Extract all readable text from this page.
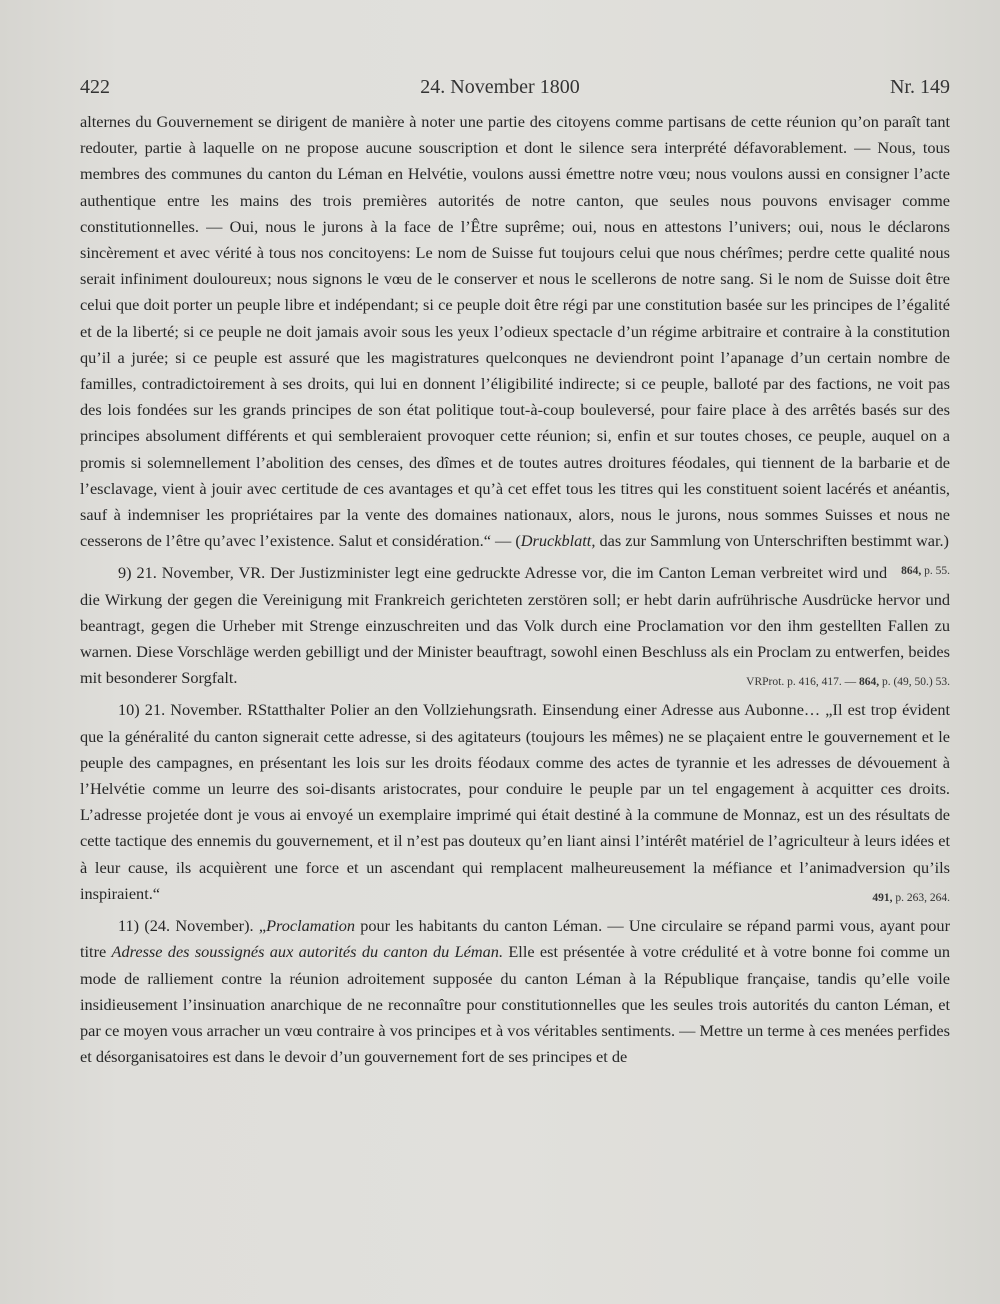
422	24. November 1800	Nr. 149

alternes du Gouvernement se dirigent de manière à noter une partie des citoyens comme partisans de cette réunion qu’on paraît tant redouter, partie à laquelle on ne propose aucune souscription et dont le silence sera interprété défavorablement. — Nous, tous membres des communes du canton du Léman en Helvétie, voulons aussi émettre notre vœu; nous voulons aussi en consigner l’acte authentique entre les mains des trois premières autorités de notre canton, que seules nous pouvons envisager comme constitutionnelles. — Oui, nous le jurons à la face de l’Être suprême; oui, nous en attestons l’univers; oui, nous le déclarons sincèrement et avec vérité à tous nos concitoyens: Le nom de Suisse fut toujours celui que nous chérîmes; perdre cette qualité nous serait infiniment douloureux; nous signons le vœu de le conserver et nous le scellerons de notre sang. Si le nom de Suisse doit être celui que doit porter un peuple libre et indépendant; si ce peuple doit être régi par une constitution basée sur les principes de l’égalité et de la liberté; si ce peuple ne doit jamais avoir sous les yeux l’odieux spectacle d’un régime arbitraire et contraire à la constitution qu’il a jurée; si ce peuple est assuré que les magistratures quelconques ne deviendront point l’apanage d’un certain nombre de familles, contradictoirement à ses droits, qui lui en donnent l’éligibilité indirecte; si ce peuple, balloté par des factions, ne voit pas des lois fondées sur les grands principes de son état politique tout-à-coup bouleversé, pour faire place à des arrêtés basés sur des principes absolument différents et qui sembleraient provoquer cette réunion; si, enfin et sur toutes choses, ce peuple, auquel on a promis si solemnellement l’abolition des censes, des dîmes et de toutes autres droitures féodales, qui tiennent de la barbarie et de l’esclavage, vient à jouir avec certitude de ces avantages et qu’à cet effet tous les titres qui les constituent soient lacérés et anéantis, sauf à indemniser les propriétaires par la vente des domaines nationaux, alors, nous le jurons, nous sommes Suisses et nous ne cesserons de l’être qu’avec l’existence. Salut et considération.“ — (Druckblatt, das zur Sammlung von Unterschriften bestimmt war.)
864, p. 55.

9) 21. November, VR. Der Justizminister legt eine gedruckte Adresse vor, die im Canton Leman verbreitet wird und die Wirkung der gegen die Vereinigung mit Frankreich gerichteten zerstören soll; er hebt darin aufrührische Ausdrücke hervor und beantragt, gegen die Urheber mit Strenge einzuschreiten und das Volk durch eine Proclamation vor den ihm gestellten Fallen zu warnen. Diese Vorschläge werden gebilligt und der Minister beauftragt, sowohl einen Beschluss als ein Proclam zu entwerfen, beides mit besonderer Sorgfalt.	VRProt. p. 416, 417. — 864, p. (49, 50.) 53.

10) 21. November. RStatthalter Polier an den Vollziehungsrath. Einsendung einer Adresse aus Aubonne… „Il est trop évident que la généralité du canton signerait cette adresse, si des agitateurs (toujours les mêmes) ne se plaçaient entre le gouvernement et le peuple des campagnes, en présentant les lois sur les droits féodaux comme des actes de tyrannie et les adresses de dévouement à l’Helvétie comme un leurre des soi-disants aristocrates, pour conduire le peuple par un tel engagement à acquitter ces droits. L’adresse projetée dont je vous ai envoyé un exemplaire imprimé qui était destiné à la commune de Monnaz, est un des résultats de cette tactique des ennemis du gouvernement, et il n’est pas douteux qu’en liant ainsi l’intérêt matériel de l’agriculteur à leurs idées et à leur cause, ils acquièrent une force et un ascendant qui remplacent malheureusement la méfiance et l’animadversion qu’ils inspiraient.“	491, p. 263, 264.

11) (24. November). „Proclamation pour les habitants du canton Léman. — Une circulaire se répand parmi vous, ayant pour titre Adresse des soussignés aux autorités du canton du Léman. Elle est présentée à votre crédulité et à votre bonne foi comme un mode de ralliement contre la réunion adroitement supposée du canton Léman à la République française, tandis qu’elle voile insidieusement l’insinuation anarchique de ne reconnaître pour constitutionnelles que les seules trois autorités du canton Léman, et par ce moyen vous arracher un vœu contraire à vos principes et à vos véritables sentiments. — Mettre un terme à ces menées perfides et désorganisatoires est dans le devoir d’un gouvernement fort de ses principes et de
